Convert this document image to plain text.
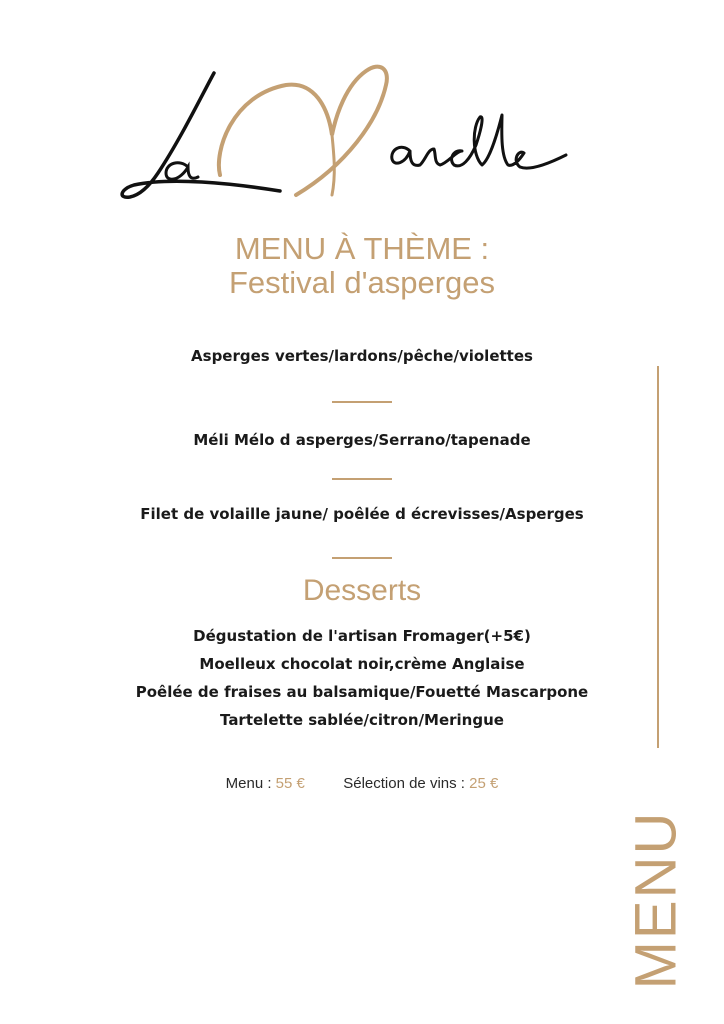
MENU À THÈME :
Festival d'asperges
Asperges vertes/lardons/pêche/violettes
Méli Mélo d asperges/Serrano/tapenade
Filet de volaille jaune/ poêlée d écrevisses/Asperges
Desserts
Dégustation de l'artisan Fromager(+5€)
Moelleux chocolat noir,crème Anglaise
Poêlée de fraises au balsamique/Fouetté Mascarpone
Tartelette sablée/citron/Meringue
Menu : 55 €	Sélection de vins : 25 €
MENU
